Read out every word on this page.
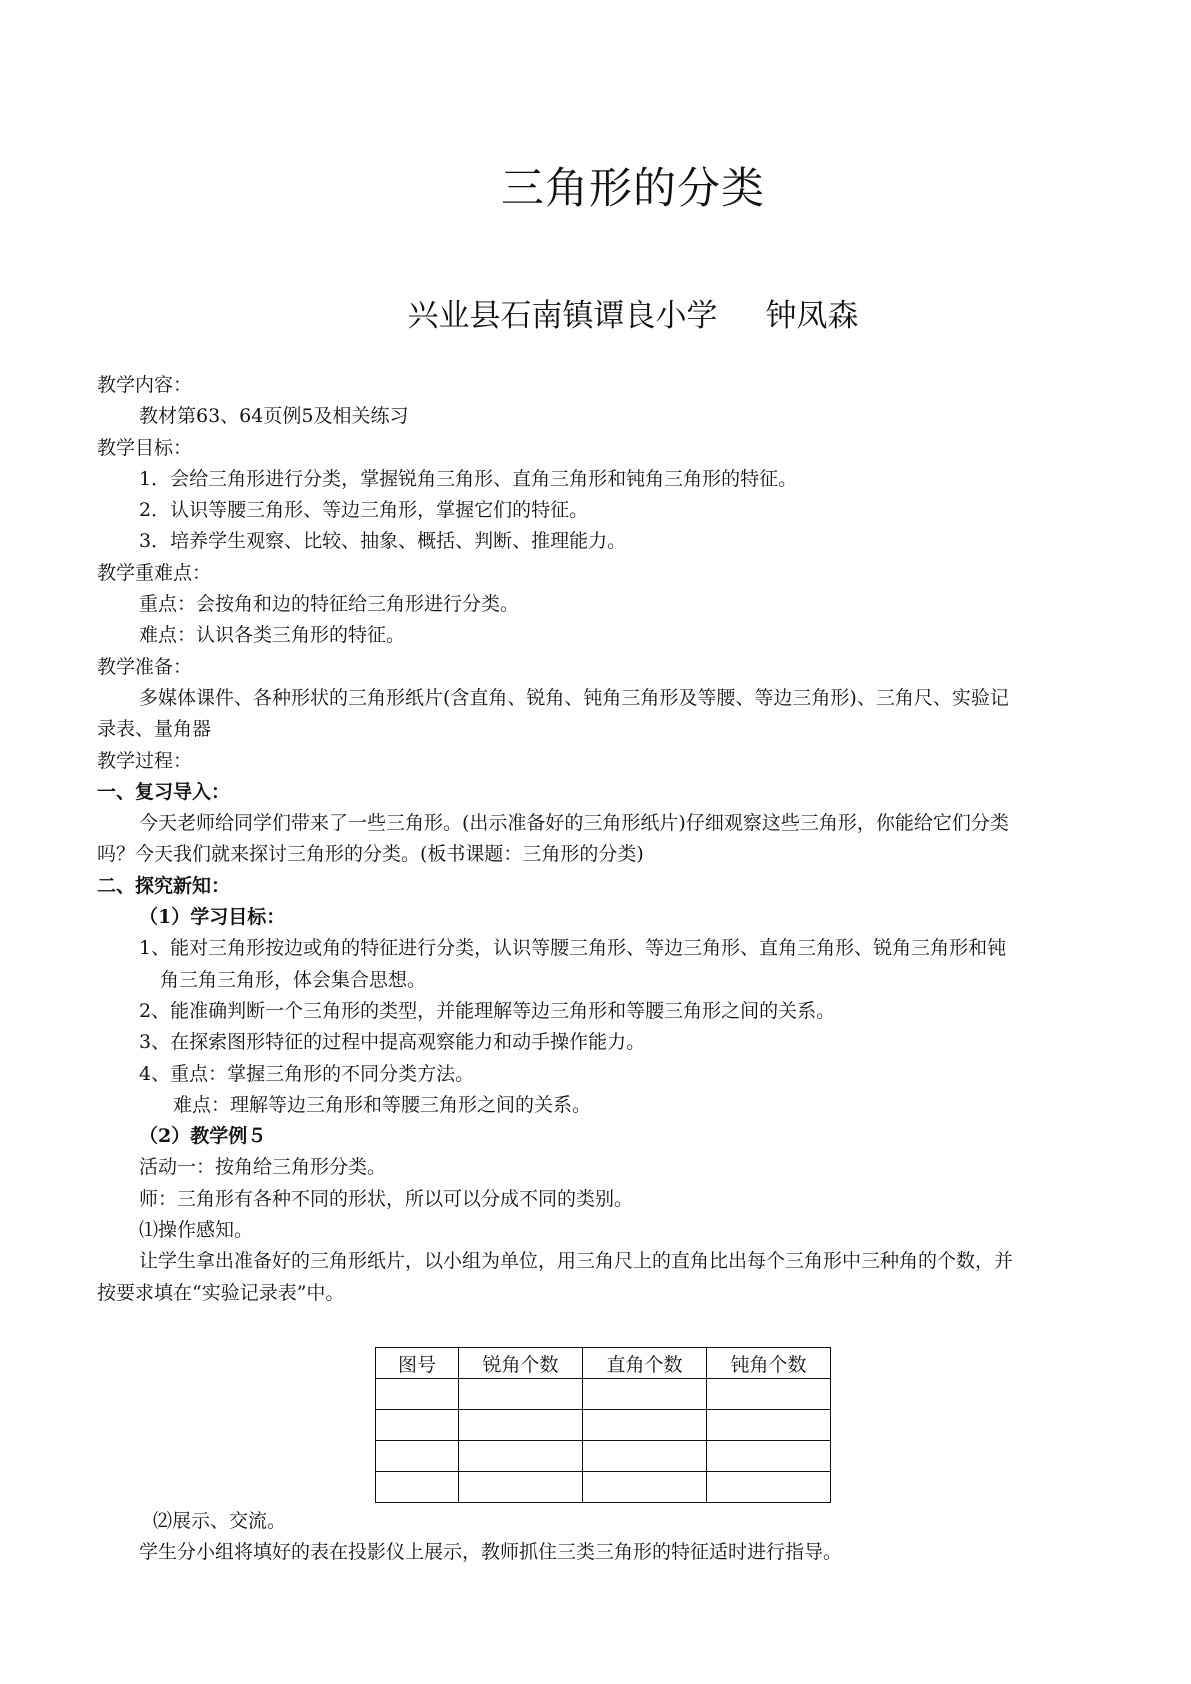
三角形的分类
兴业县石南镇谭良小学 钟凤森
教学内容：
教材第63、64页例5及相关练习
教学目标：
1．会给三角形进行分类，掌握锐角三角形、直角三角形和钝角三角形的特征。
2．认识等腰三角形、等边三角形，掌握它们的特征。
3．培养学生观察、比较、抽象、概括、判断、推理能力。
教学重难点：
重点：会按角和边的特征给三角形进行分类。
难点：认识各类三角形的特征。
教学准备：
多媒体课件、各种形状的三角形纸片(含直角、锐角、钝角三角形及等腰、等边三角形)、三角尺、实验记
录表、量角器
教学过程：
一、复习导入：
今天老师给同学们带来了一些三角形。(出示准备好的三角形纸片)仔细观察这些三角形，你能给它们分类
吗？今天我们就来探讨三角形的分类。(板书课题：三角形的分类)
二、探究新知：
（1）学习目标：
1、能对三角形按边或角的特征进行分类，认识等腰三角形、等边三角形、直角三角形、锐角三角形和钝
角三角三角形，体会集合思想。
2、能准确判断一个三角形的类型，并能理解等边三角形和等腰三角形之间的关系。
3、在探索图形特征的过程中提高观察能力和动手操作能力。
4、重点：掌握三角形的不同分类方法。
难点：理解等边三角形和等腰三角形之间的关系。
（2）教学例５
活动一：按角给三角形分类。
师：三角形有各种不同的形状，所以可以分成不同的类别。
⑴操作感知。
让学生拿出准备好的三角形纸片，以小组为单位，用三角尺上的直角比出每个三角形中三种角的个数，并
按要求填在“实验记录表”中。
图号	锐角个数	直角个数	钝角个数

⑵展示、交流。
学生分小组将填好的表在投影仪上展示，教师抓住三类三角形的特征适时进行指导。
